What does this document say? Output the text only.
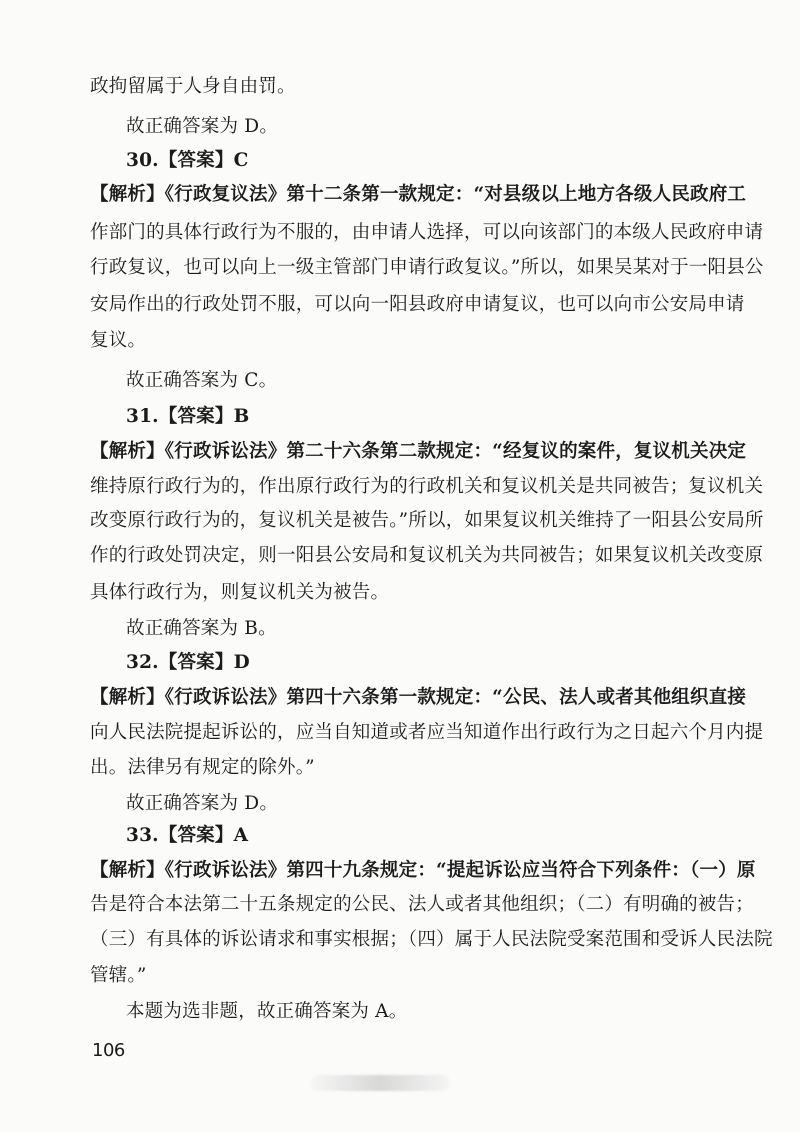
政拘留属于人身自由罚。
故正确答案为 D。
30.【答案】C
【解析】《行政复议法》第十二条第一款规定：“对县级以上地方各级人民政府工
作部门的具体行政行为不服的，由申请人选择，可以向该部门的本级人民政府申请
行政复议，也可以向上一级主管部门申请行政复议。”所以，如果吴某对于一阳县公
安局作出的行政处罚不服，可以向一阳县政府申请复议，也可以向市公安局申请
复议。
故正确答案为 C。
31.【答案】B
【解析】《行政诉讼法》第二十六条第二款规定：“经复议的案件，复议机关决定
维持原行政行为的，作出原行政行为的行政机关和复议机关是共同被告；复议机关
改变原行政行为的，复议机关是被告。”所以，如果复议机关维持了一阳县公安局所
作的行政处罚决定，则一阳县公安局和复议机关为共同被告；如果复议机关改变原
具体行政行为，则复议机关为被告。
故正确答案为 B。
32.【答案】D
【解析】《行政诉讼法》第四十六条第一款规定：“公民、法人或者其他组织直接
向人民法院提起诉讼的，应当自知道或者应当知道作出行政行为之日起六个月内提
出。法律另有规定的除外。”
故正确答案为 D。
33.【答案】A
【解析】《行政诉讼法》第四十九条规定：“提起诉讼应当符合下列条件：（一）原
告是符合本法第二十五条规定的公民、法人或者其他组织；（二）有明确的被告；
（三）有具体的诉讼请求和事实根据；（四）属于人民法院受案范围和受诉人民法院
管辖。”
本题为选非题，故正确答案为 A。
106
